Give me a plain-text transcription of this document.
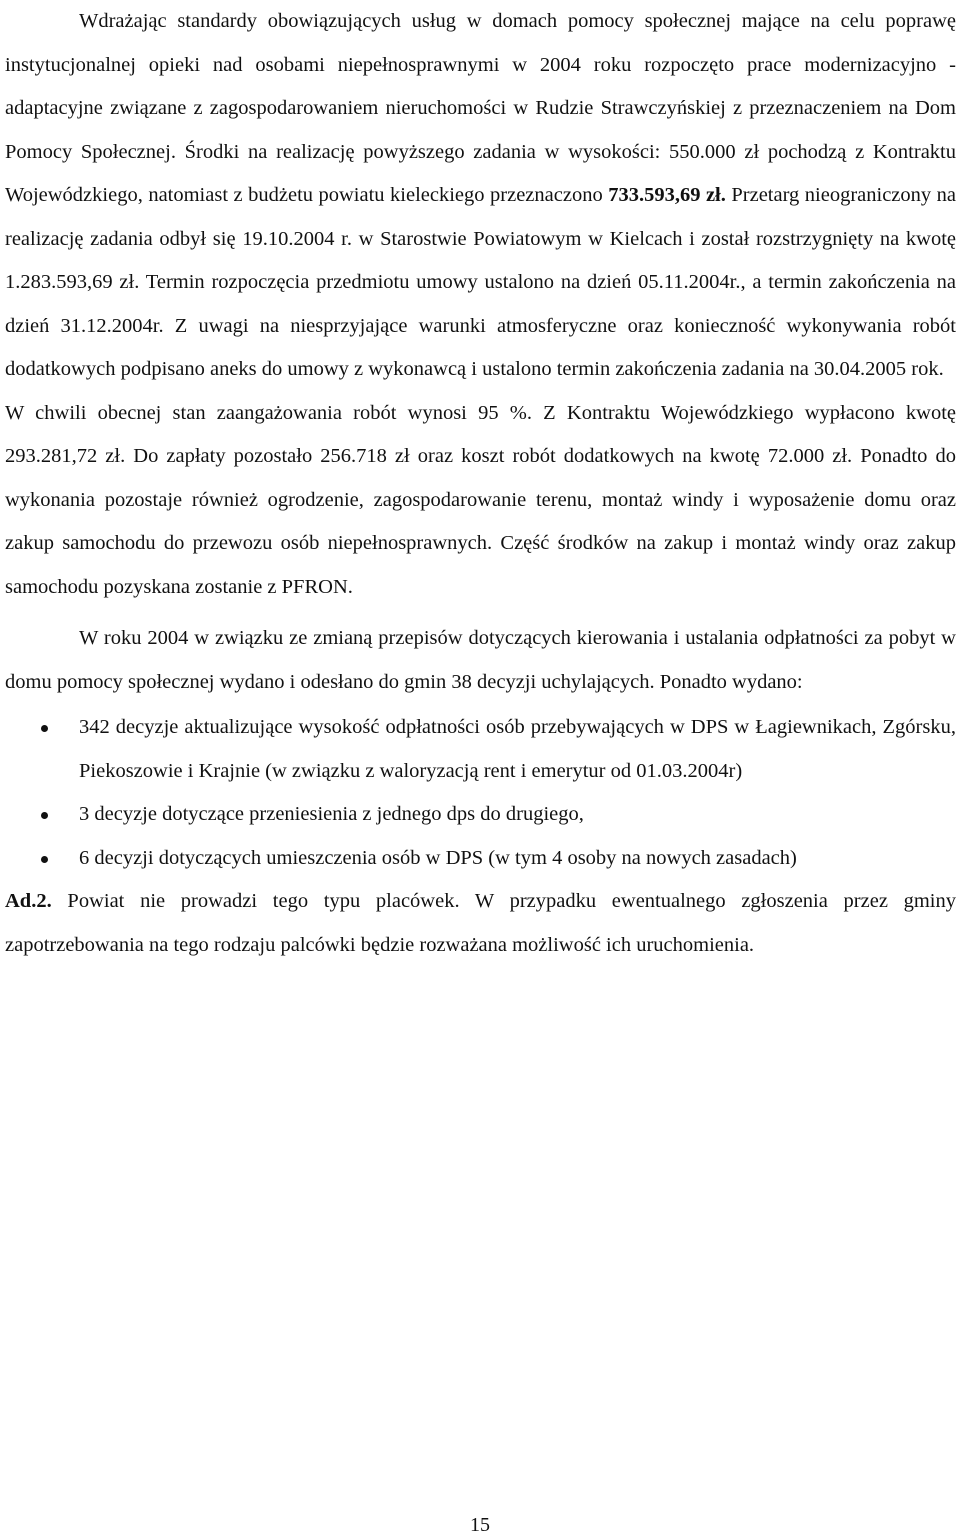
Wdrażając standardy obowiązujących usług w domach pomocy społecznej mające na celu poprawę instytucjonalnej opieki nad osobami niepełnosprawnymi w 2004 roku rozpoczęto prace modernizacyjno - adaptacyjne związane z zagospodarowaniem nieruchomości w Rudzie Strawczyńskiej z przeznaczeniem na Dom Pomocy Społecznej. Środki na realizację powyższego zadania w wysokości: 550.000 zł pochodzą z Kontraktu Wojewódzkiego, natomiast z budżetu powiatu kieleckiego przeznaczono 733.593,69 zł. Przetarg nieograniczony na realizację zadania odbył się 19.10.2004 r. w Starostwie Powiatowym w Kielcach i został rozstrzygnięty na kwotę 1.283.593,69 zł. Termin rozpoczęcia przedmiotu umowy ustalono na dzień 05.11.2004r., a termin zakończenia na dzień 31.12.2004r. Z uwagi na niesprzyjające warunki atmosferyczne oraz konieczność wykonywania robót dodatkowych podpisano aneks do umowy z wykonawcą i ustalono termin zakończenia zadania na 30.04.2005 rok.

W chwili obecnej stan zaangażowania robót wynosi 95 %. Z Kontraktu Wojewódzkiego wypłacono kwotę 293.281,72 zł. Do zapłaty pozostało 256.718 zł oraz koszt robót dodatkowych na kwotę 72.000 zł. Ponadto do wykonania pozostaje również ogrodzenie, zagospodarowanie terenu, montaż windy i wyposażenie domu oraz zakup samochodu do przewozu osób niepełnosprawnych. Część środków na zakup i montaż windy oraz zakup samochodu pozyskana zostanie z PFRON.

W roku 2004 w związku ze zmianą przepisów dotyczących kierowania i ustalania odpłatności za pobyt w domu pomocy społecznej wydano i odesłano do gmin 38 decyzji uchylających. Ponadto wydano:

342 decyzje aktualizujące wysokość odpłatności osób przebywających w DPS w Łagiewnikach, Zgórsku, Piekoszowie i Krajnie (w związku z waloryzacją rent i emerytur od 01.03.2004r)
3 decyzje dotyczące przeniesienia z jednego dps do drugiego,
6 decyzji dotyczących umieszczenia osób w DPS (w tym 4 osoby na nowych zasadach)

Ad.2. Powiat nie prowadzi tego typu placówek. W przypadku ewentualnego zgłoszenia przez gminy zapotrzebowania na tego rodzaju palcówki będzie rozważana możliwość ich uruchomienia.

15
